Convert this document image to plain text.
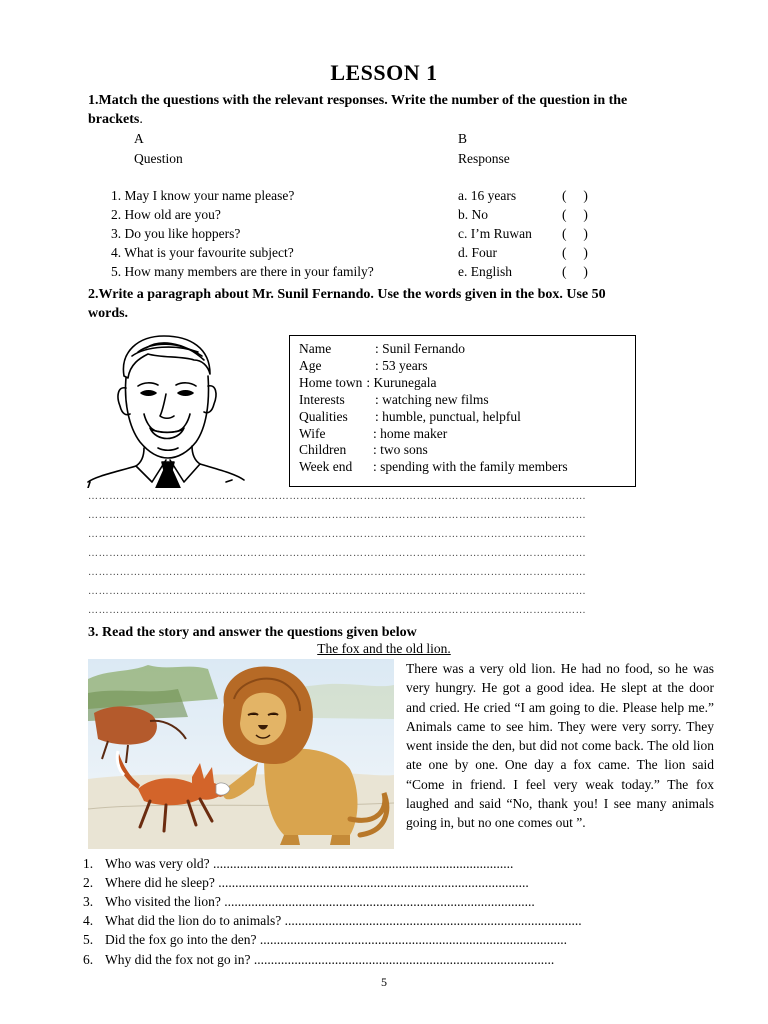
LESSON 1
1.Match the questions with the relevant responses. Write the number of the question in the
brackets.
A	B
Question	Response
1. May I know your name please?	a. 16 years	(     )
2. How old are you?	b. No	(     )
3. Do you like hoppers?	c. I’m Ruwan (     )
4. What is your favourite subject?	d. Four	(     )
5. How many members are there in your family?	e. English	(     )
2.Write a paragraph about Mr. Sunil Fernando. Use the words given in the box. Use 50
words.
Name	: Sunil Fernando
Age	: 53 years
Home town : Kurunegala
Interests : watching new films
Qualities : humble, punctual, helpful
Wife	: home maker
Children : two sons
Week end : spending with the family members
……………………………………………………………………………………………………………………………
……………………………………………………………………………………………………………………………
……………………………………………………………………………………………………………………………
……………………………………………………………………………………………………………………………
……………………………………………………………………………………………………………………………
……………………………………………………………………………………………………………………………
……………………………………………………………………………………………………………………………
3. Read the story and answer the questions given below
The fox and the old lion.
There was a very old lion. He had no food, so he was very hungry. He got a good idea. He slept at the door and cried. He cried “I am going to die. Please help me.” Animals came to see him. They were very sorry. They went inside the den, but did not come back. The old lion ate one by one. One day a fox came. The lion said “Come in friend. I feel very weak today.” The fox laughed and said “No, thank you! I see many animals going in, but no one comes out ”.
1. Who was very old? .........................................................................................
2. Where did he sleep? ............................................................................................
3. Who visited the lion? ............................................................................................
4. What did the lion do to animals? ........................................................................................
5. Did the fox go into the den? ...........................................................................................
6. Why did the fox not go in? .........................................................................................
5
